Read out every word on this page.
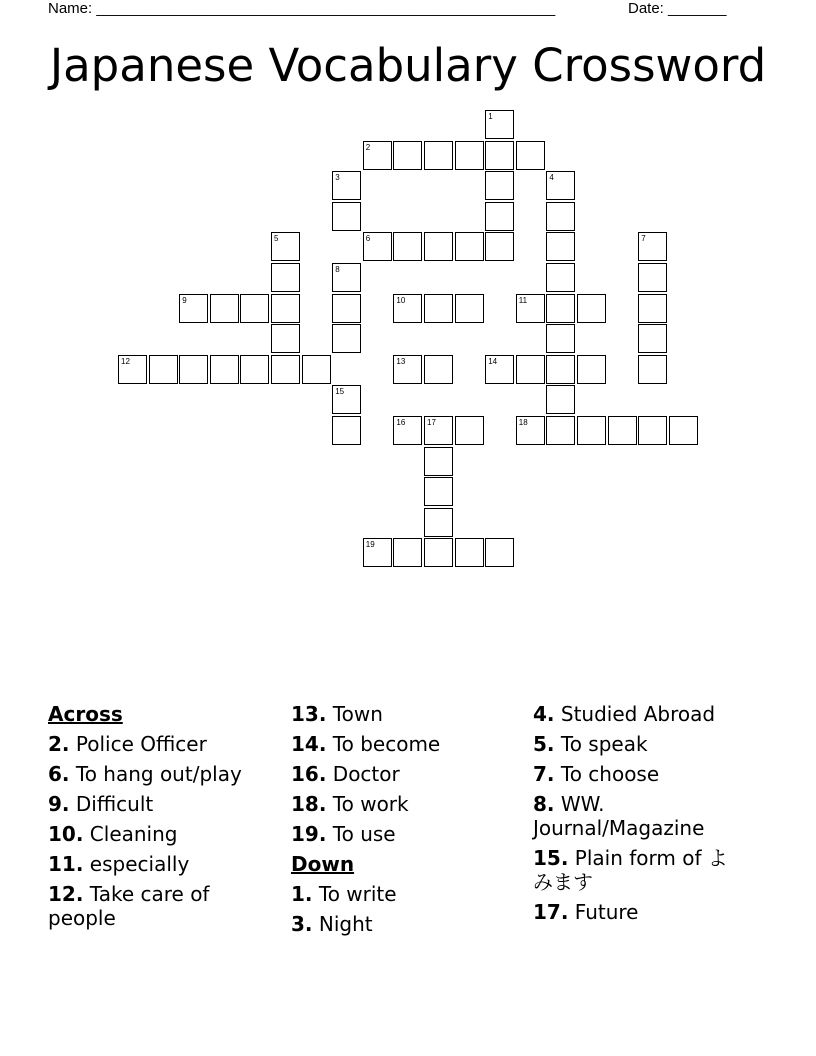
Name: _______________________________________________________	Date: _______
Japanese Vocabulary Crossword
1
2
3	4
5	6	7
8
9	10	11
12	13	14
15
16	17	18
19
Across
2. Police Officer
6. To hang out/play
9. Difficult
10. Cleaning
11. especially
12. Take care of people
13. Town
14. To become
16. Doctor
18. To work
19. To use
Down
1. To write
3. Night
4. Studied Abroad
5. To speak
7. To choose
8. WW. Journal/Magazine
15. Plain form of よみます
17. Future
